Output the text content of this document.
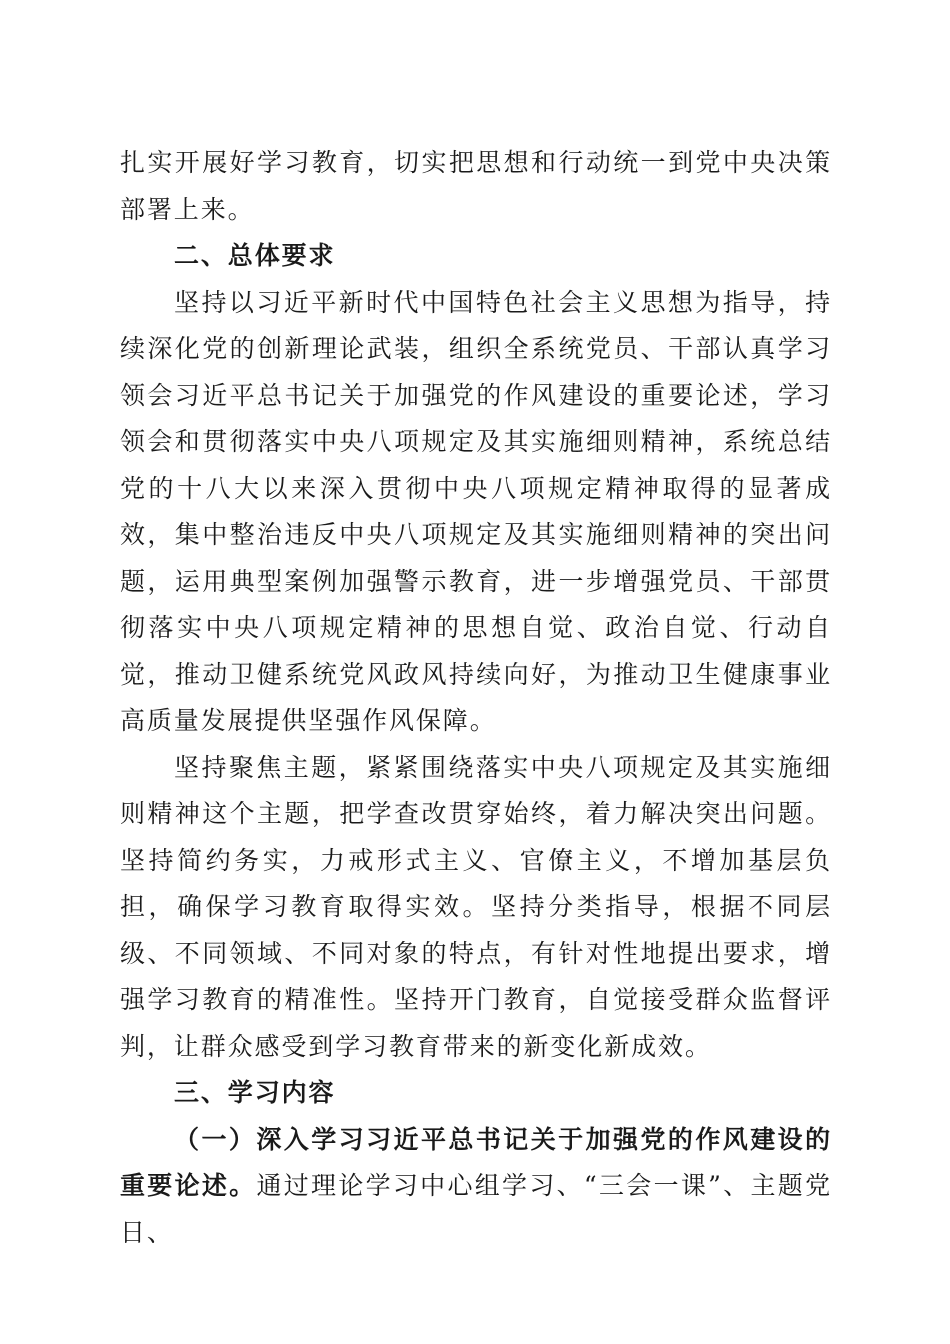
扎实开展好学习教育，切实把思想和行动统一到党中央决策部署上来。

二、总体要求

坚持以习近平新时代中国特色社会主义思想为指导，持续深化党的创新理论武装，组织全系统党员、干部认真学习领会习近平总书记关于加强党的作风建设的重要论述，学习领会和贯彻落实中央八项规定及其实施细则精神，系统总结党的十八大以来深入贯彻中央八项规定精神取得的显著成效，集中整治违反中央八项规定及其实施细则精神的突出问题，运用典型案例加强警示教育，进一步增强党员、干部贯彻落实中央八项规定精神的思想自觉、政治自觉、行动自觉，推动卫健系统党风政风持续向好，为推动卫生健康事业高质量发展提供坚强作风保障。

坚持聚焦主题，紧紧围绕落实中央八项规定及其实施细则精神这个主题，把学查改贯穿始终，着力解决突出问题。坚持简约务实，力戒形式主义、官僚主义，不增加基层负担，确保学习教育取得实效。坚持分类指导，根据不同层级、不同领域、不同对象的特点，有针对性地提出要求，增强学习教育的精准性。坚持开门教育，自觉接受群众监督评判，让群众感受到学习教育带来的新变化新成效。

三、学习内容

（一）深入学习习近平总书记关于加强党的作风建设的重要论述。通过理论学习中心组学习、“三会一课”、主题党日、
